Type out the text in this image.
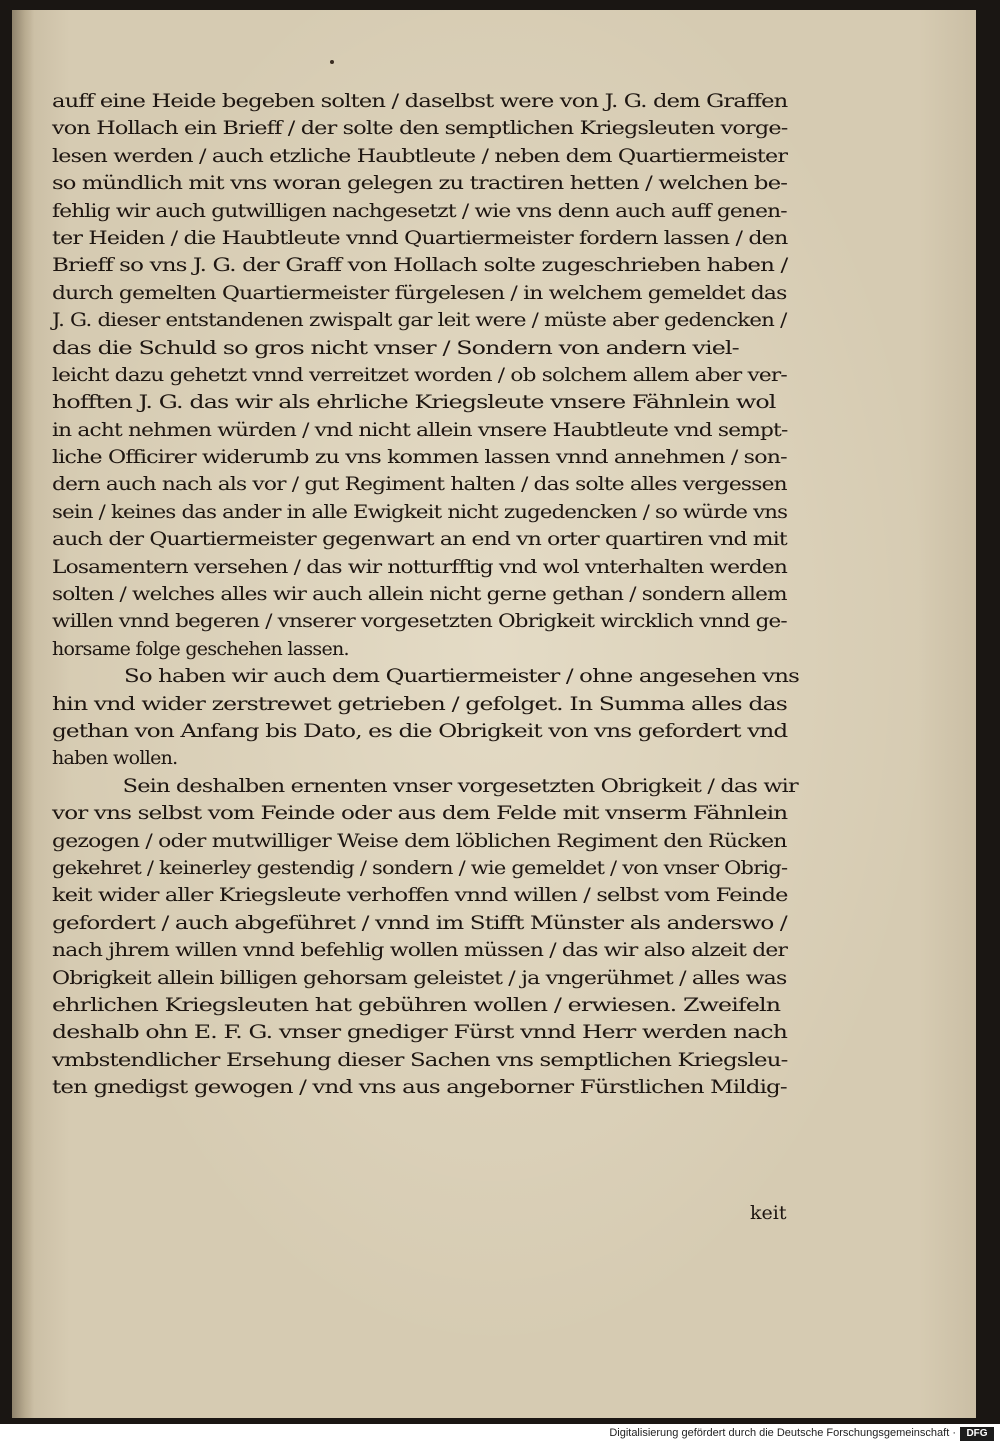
auff eine Heide begeben solten / daselbst were von J. G. dem Graffen
von Hollach ein Brieff / der solte den semptlichen Kriegsleuten vorge-
lesen werden / auch etzliche Haubtleute / neben dem Quartiermeister
so mündlich mit vns woran gelegen zu tractiren hetten / welchen be-
fehlig wir auch gutwilligen nachgesetzt / wie vns denn auch auff genen-
ter Heiden / die Haubtleute vnnd Quartiermeister fordern lassen / den
Brieff so vns J. G. der Graff von Hollach solte zugeschrieben haben /
durch gemelten Quartiermeister fürgelesen / in welchem gemeldet das
J. G. dieser entstandenen zwispalt gar leit were / müste aber gedencken /
das die Schuld so gros nicht vnser / Sondern von andern viel-
leicht dazu gehetzt vnnd verreitzet worden / ob solchem allem aber ver-
hofften J. G. das wir als ehrliche Kriegsleute vnsere Fähnlein wol
in acht nehmen würden / vnd nicht allein vnsere Haubtleute vnd sempt-
liche Officirer widerumb zu vns kommen lassen vnnd annehmen / son-
dern auch nach als vor / gut Regiment halten / das solte alles vergessen
sein / keines das ander in alle Ewigkeit nicht zugedencken / so würde vns
auch der Quartiermeister gegenwart an end vn orter quartiren vnd mit
Losamentern versehen / das wir notturfftig vnd wol vnterhalten werden
solten / welches alles wir auch allein nicht gerne gethan / sondern allem
willen vnnd begeren / vnserer vorgesetzten Obrigkeit wircklich vnnd ge-
horsame folge geschehen lassen.
So haben wir auch dem Quartiermeister / ohne angesehen vns
hin vnd wider zerstrewet getrieben / gefolget. In Summa alles das
gethan von Anfang bis Dato, es die Obrigkeit von vns gefordert vnd
haben wollen.
Sein deshalben ernenten vnser vorgesetzten Obrigkeit / das wir
vor vns selbst vom Feinde oder aus dem Felde mit vnserm Fähnlein
gezogen / oder mutwilliger Weise dem löblichen Regiment den Rücken
gekehret / keinerley gestendig / sondern / wie gemeldet / von vnser Obrig-
keit wider aller Kriegsleute verhoffen vnnd willen / selbst vom Feinde
gefordert / auch abgeführet / vnnd im Stifft Münster als anderswo /
nach jhrem willen vnnd befehlig wollen müssen / das wir also alzeit der
Obrigkeit allein billigen gehorsam geleistet / ja vngerühmet / alles was
ehrlichen Kriegsleuten hat gebühren wollen / erwiesen. Zweifeln
deshalb ohn E. F. G. vnser gnediger Fürst vnnd Herr werden nach
vmbstendlicher Ersehung dieser Sachen vns semptlichen Kriegsleu-
ten gnedigst gewogen / vnd vns aus angeborner Fürstlichen Mildig-
keit
Digitalisierung gefördert durch die Deutsche Forschungsgemeinschaft ·	DFG
